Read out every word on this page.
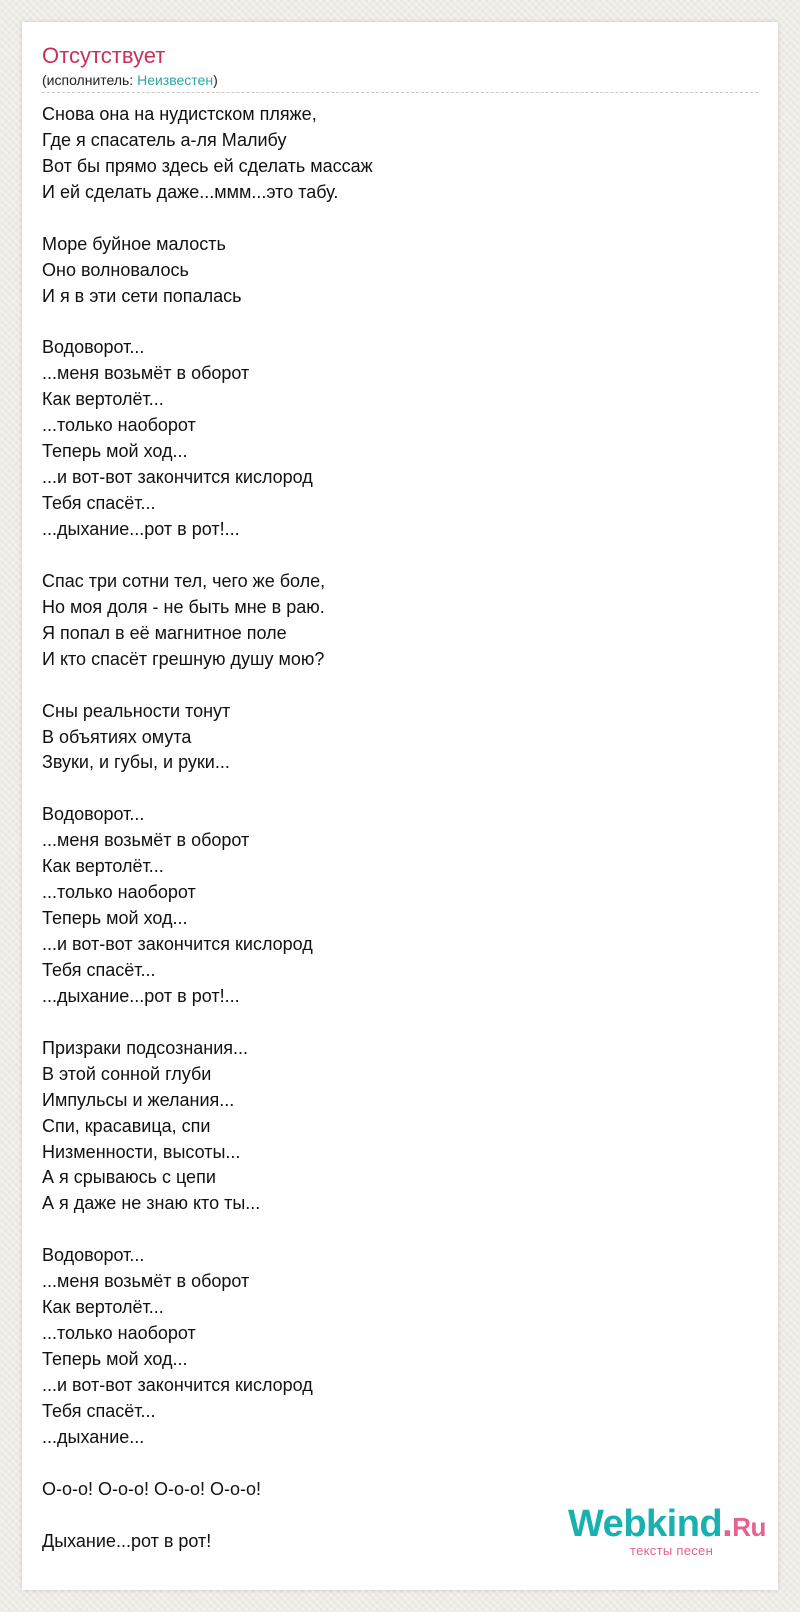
Отсутствует
(исполнитель: Неизвестен)
Снова она на нудистском пляже,
Где я спасатель а-ля Малибу
Вот бы прямо здесь ей сделать массаж
И ей сделать даже...ммм...это табу.
Море буйное малость
Оно волновалось
И я в эти сети попалась
Водоворот...
...меня возьмёт в оборот
Как вертолёт...
...только наоборот
Теперь мой ход...
...и вот-вот закончится кислород
Тебя спасёт...
...дыхание...рот в рот!...
Спас три сотни тел, чего же боле,
Но моя доля - не быть мне в раю.
Я попал в её магнитное поле
И кто спасёт грешную душу мою?
Сны реальности тонут
В объятиях омута
Звуки, и губы, и руки...
Водоворот...
...меня возьмёт в оборот
Как вертолёт...
...только наоборот
Теперь мой ход...
...и вот-вот закончится кислород
Тебя спасёт...
...дыхание...рот в рот!...
Призраки подсознания...
В этой сонной глуби
Импульсы и желания...
Спи, красавица, спи
Низменности, высоты...
А я срываюсь с цепи
А я даже не знаю кто ты...
Водоворот...
...меня возьмёт в оборот
Как вертолёт...
...только наоборот
Теперь мой ход...
...и вот-вот закончится кислород
Тебя спасёт...
...дыхание...
О-о-о! О-о-о! О-о-о! О-о-о!
Дыхание...рот в рот!	Webkind.Ru
тексты песен
